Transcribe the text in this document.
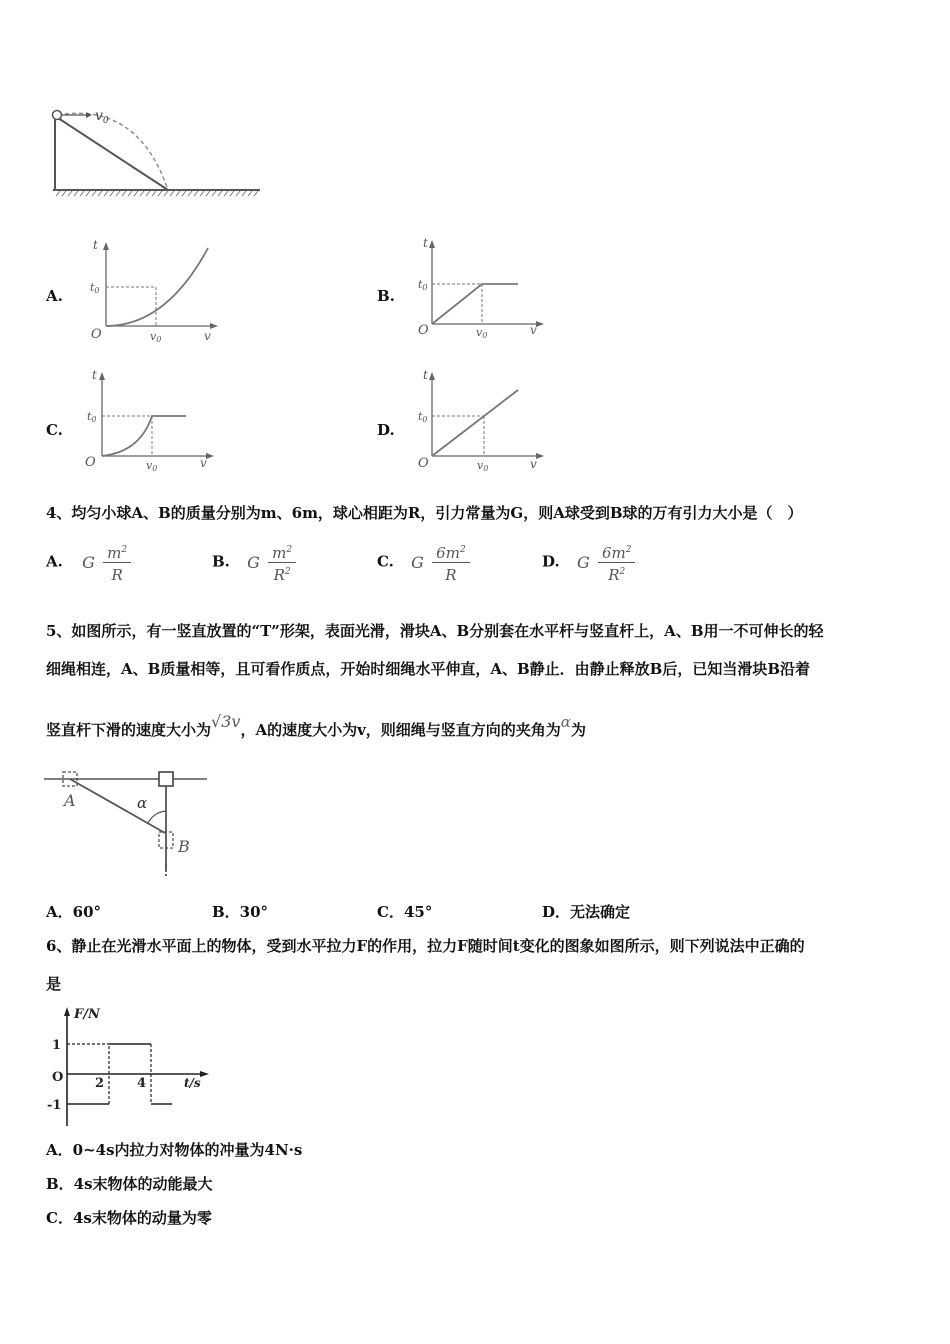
$v_0$
A.	B.
C.	D.
t
t0
O	v0	v
t
t0
O	v0	v
t
t0
O	v0	v
t
t0
O	v0	v
4、均匀小球A、B的质量分别为m、6m，球心相距为R，引力常量为G，则A球受到B球的万有引力大小是（　）
A. G $\frac{m^2}{R}$	B. G $\frac{m^2}{R^2}$	C. G $\frac{6m^2}{R}$	D. G $\frac{6m^2}{R^2}$
5、如图所示，有一竖直放置的“T”形架，表面光滑，滑块A、B分别套在水平杆与竖直杆上，A、B用一不可伸长的轻
细绳相连，A、B质量相等，且可看作质点，开始时细绳水平伸直，A、B静止．由静止释放B后，已知当滑块B沿着
竖直杆下滑的速度大小为√3v，A的速度大小为v，则细绳与竖直方向的夹角为α为
A
B
α
A．60°	B．30°	C．45°	D．无法确定
6、静止在光滑水平面上的物体，受到水平拉力F的作用，拉力F随时间t变化的图象如图所示，则下列说法中正确的
是
F/N
t/s
O
1
-1
2	4
A．0~4s内拉力对物体的冲量为4N·s
B．4s末物体的动能最大
C．4s末物体的动量为零
